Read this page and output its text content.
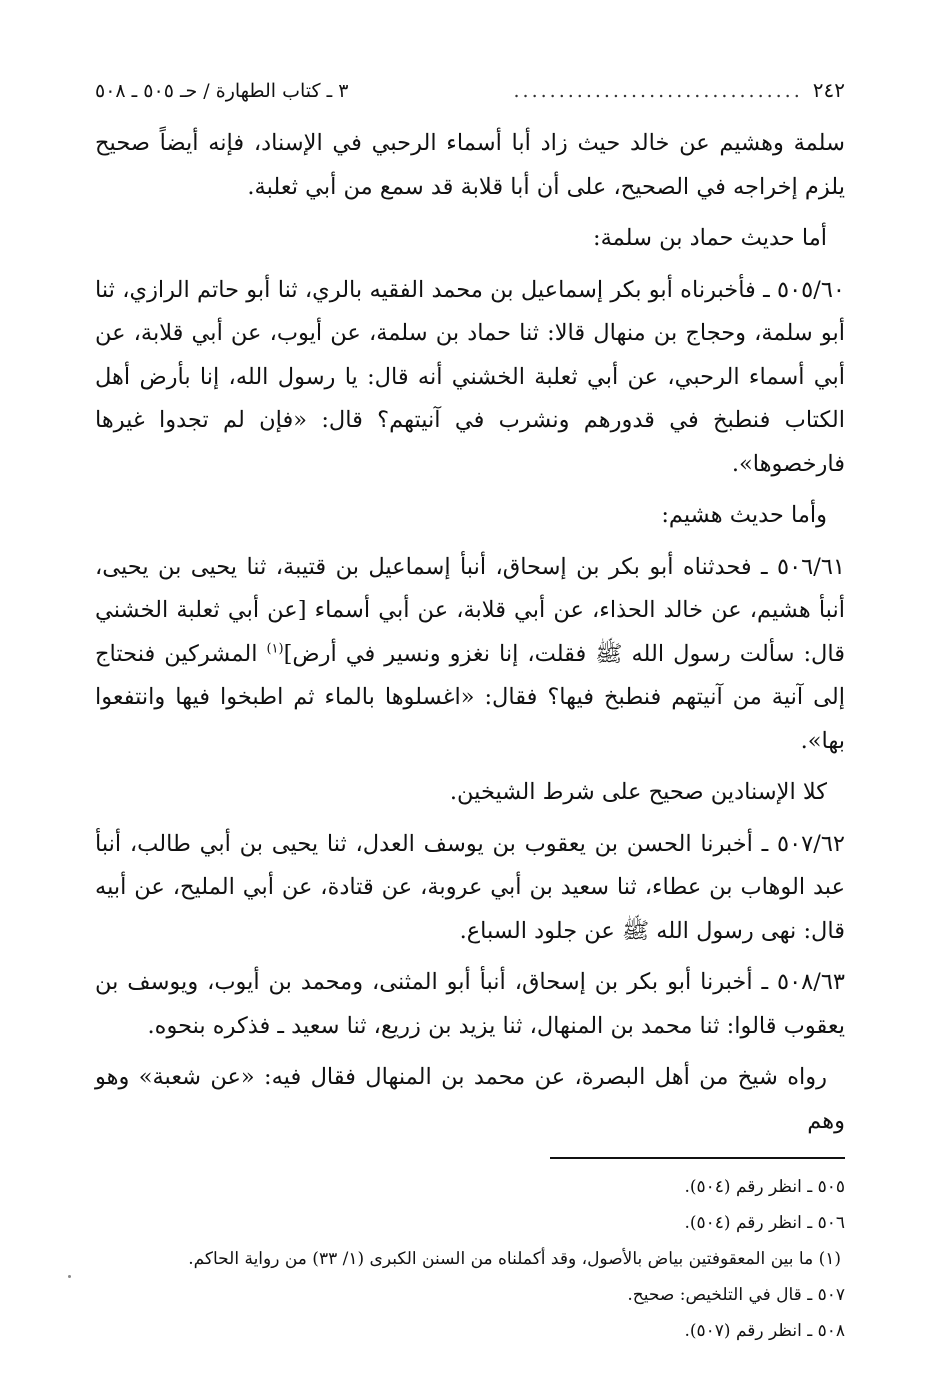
٢٤٢
................................
٣ ـ كتاب الطهارة / حـ ٥٠٥ ـ ٥٠٨

سلمة وهشيم عن خالد حيث زاد أبا أسماء الرحبي في الإسناد، فإنه أيضاً صحيح يلزم إخراجه في الصحيح، على أن أبا قلابة قد سمع من أبي ثعلبة.

أما حديث حماد بن سلمة:

٥٠٥/٦٠ ـ فأخبرناه أبو بكر إسماعيل بن محمد الفقيه بالري، ثنا أبو حاتم الرازي، ثنا أبو سلمة، وحجاج بن منهال قالا: ثنا حماد بن سلمة، عن أيوب، عن أبي قلابة، عن أبي أسماء الرحبي، عن أبي ثعلبة الخشني أنه قال: يا رسول الله، إنا بأرض أهل الكتاب فنطبخ في قدورهم ونشرب في آنيتهم؟ قال: «فإن لم تجدوا غيرها فارخصوها».

وأما حديث هشيم:

٥٠٦/٦١ ـ فحدثناه أبو بكر بن إسحاق، أنبأ إسماعيل بن قتيبة، ثنا يحيى بن يحيى، أنبأ هشيم، عن خالد الحذاء، عن أبي قلابة، عن أبي أسماء [عن أبي ثعلبة الخشني قال: سألت رسول الله ﷺ فقلت، إنا نغزو ونسير في أرض]$^{(١)}$ المشركين فنحتاج إلى آنية من آنيتهم فنطبخ فيها؟ فقال: «اغسلوها بالماء ثم اطبخوا فيها وانتفعوا بها».

كلا الإسنادين صحيح على شرط الشيخين.

٥٠٧/٦٢ ـ أخبرنا الحسن بن يعقوب بن يوسف العدل، ثنا يحيى بن أبي طالب، أنبأ عبد الوهاب بن عطاء، ثنا سعيد بن أبي عروبة، عن قتادة، عن أبي المليح، عن أبيه قال: نهى رسول الله ﷺ عن جلود السباع.

٥٠٨/٦٣ ـ أخبرنا أبو بكر بن إسحاق، أنبأ أبو المثنى، ومحمد بن أيوب، ويوسف بن يعقوب قالوا: ثنا محمد بن المنهال، ثنا يزيد بن زريع، ثنا سعيد ـ فذكره بنحوه.

رواه شيخ من أهل البصرة، عن محمد بن المنهال فقال فيه: «عن شعبة» وهو وهم

٥٠٥ ـ انظر رقم (٥٠٤).

٥٠٦ ـ انظر رقم (٥٠٤).

(١) ما بين المعقوفتين بياض بالأصول، وقد أكملناه من السنن الكبرى (١/ ٣٣) من رواية الحاكم.

٥٠٧ ـ قال في التلخيص: صحيح.

٥٠٨ ـ انظر رقم (٥٠٧).
